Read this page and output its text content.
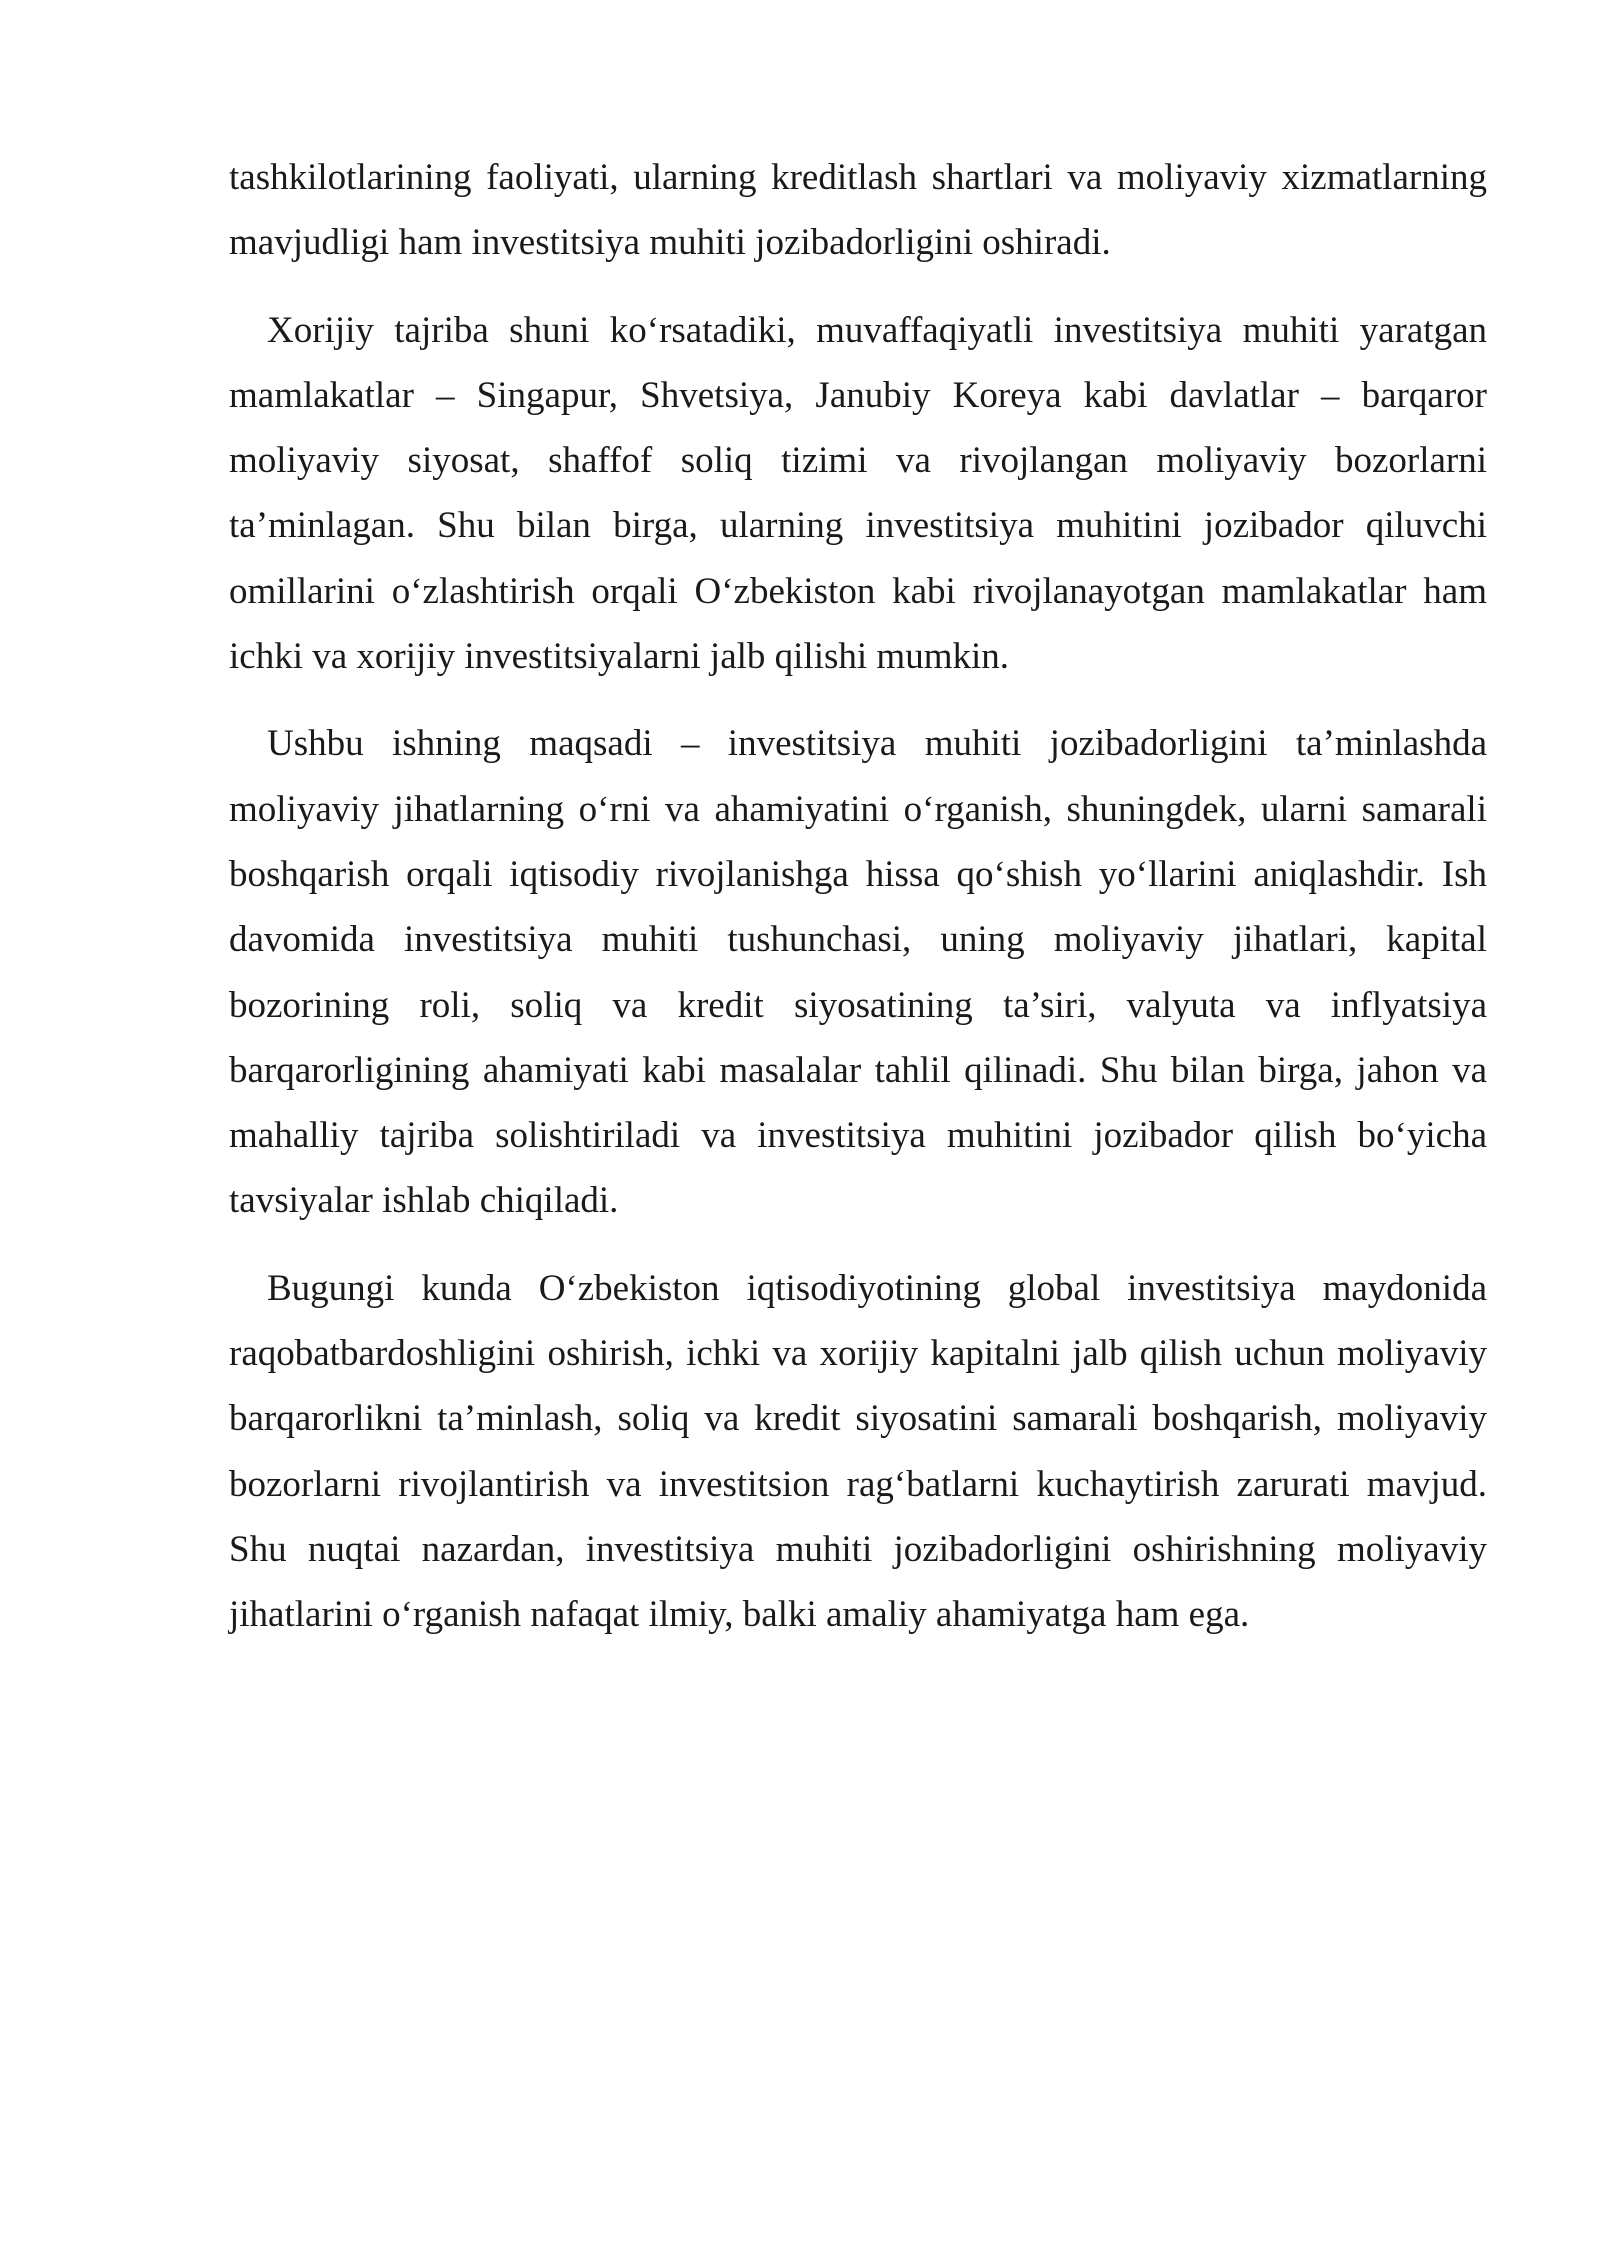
tashkilotlarining faoliyati, ularning kreditlash shartlari va moliyaviy xizmatlarning mavjudligi ham investitsiya muhiti jozibadorligini oshiradi.

Xorijiy tajriba shuni koʻrsatadiki, muvaffaqiyatli investitsiya muhiti yaratgan mamlakatlar – Singapur, Shvetsiya, Janubiy Koreya kabi davlatlar – barqaror moliyaviy siyosat, shaffof soliq tizimi va rivojlangan moliyaviy bozorlarni ta’minlagan. Shu bilan birga, ularning investitsiya muhitini jozibador qiluvchi omillarini oʻzlashtirish orqali Oʻzbekiston kabi rivojlanayotgan mamlakatlar ham ichki va xorijiy investitsiyalarni jalb qilishi mumkin.

Ushbu ishning maqsadi – investitsiya muhiti jozibadorligini ta’minlashda moliyaviy jihatlarning oʻrni va ahamiyatini oʻrganish, shuningdek, ularni samarali boshqarish orqali iqtisodiy rivojlanishga hissa qoʻshish yoʻllarini aniqlashdir. Ish davomida investitsiya muhiti tushunchasi, uning moliyaviy jihatlari, kapital bozorining roli, soliq va kredit siyosatining ta’siri, valyuta va inflyatsiya barqarorligining ahamiyati kabi masalalar tahlil qilinadi. Shu bilan birga, jahon va mahalliy tajriba solishtiriladi va investitsiya muhitini jozibador qilish boʻyicha tavsiyalar ishlab chiqiladi.

Bugungi kunda Oʻzbekiston iqtisodiyotining global investitsiya maydonida raqobatbardoshligini oshirish, ichki va xorijiy kapitalni jalb qilish uchun moliyaviy barqarorlikni ta’minlash, soliq va kredit siyosatini samarali boshqarish, moliyaviy bozorlarni rivojlantirish va investitsion ragʻbatlarni kuchaytirish zarurati mavjud. Shu nuqtai nazardan, investitsiya muhiti jozibadorligini oshirishning moliyaviy jihatlarini oʻrganish nafaqat ilmiy, balki amaliy ahamiyatga ham ega.
